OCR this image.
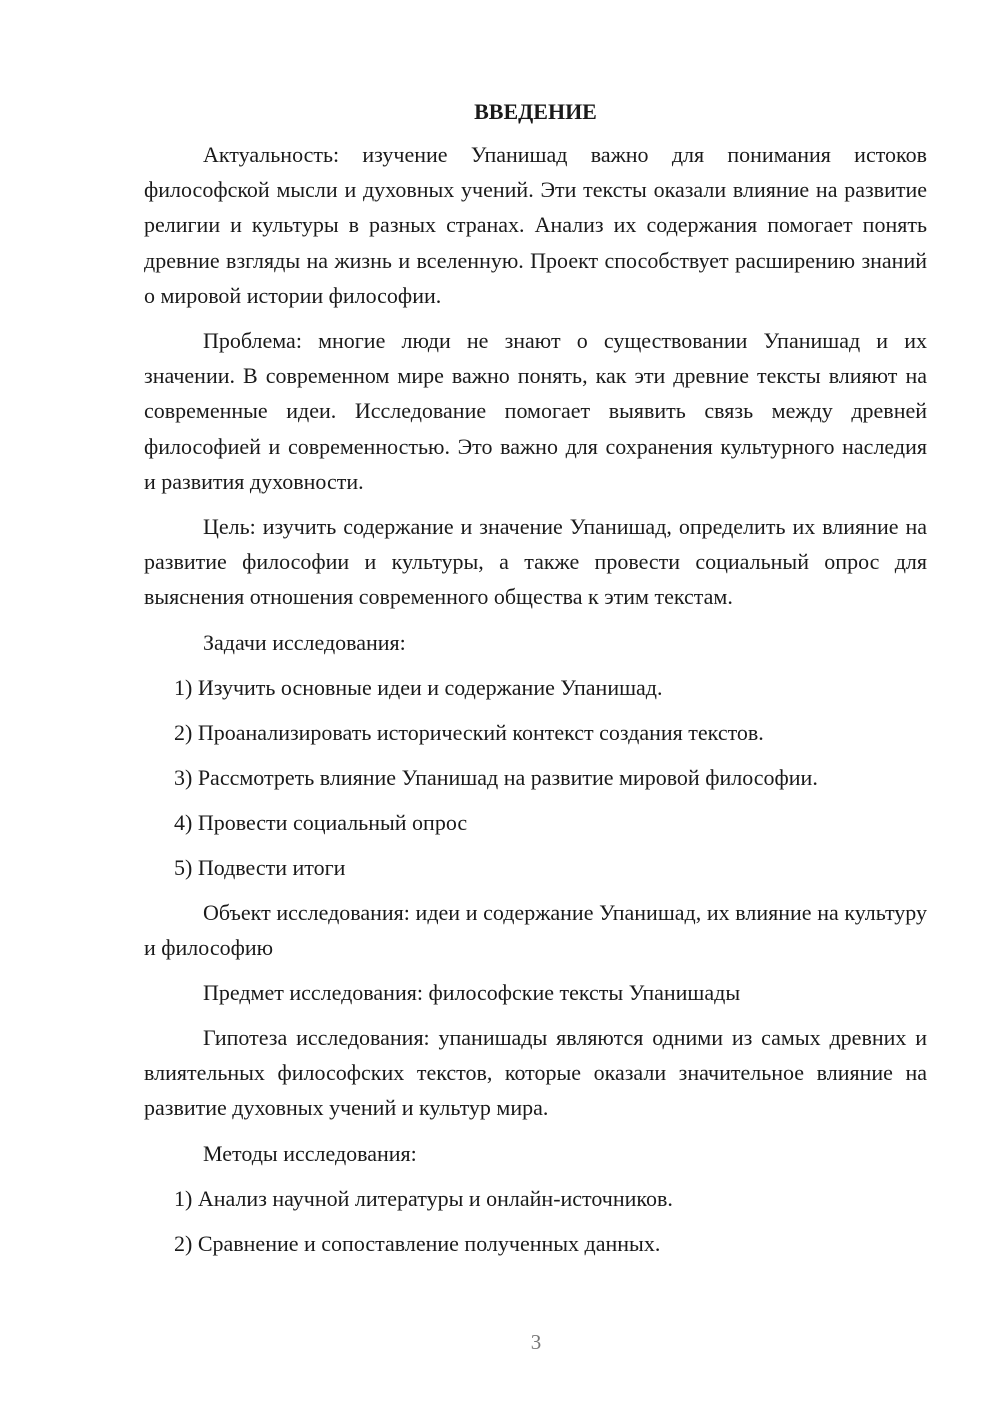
ВВЕДЕНИЕ

Актуальность: изучение Упанишад важно для понимания истоков философской мысли и духовных учений. Эти тексты оказали влияние на развитие религии и культуры в разных странах. Анализ их содержания помогает понять древние взгляды на жизнь и вселенную. Проект способствует расширению знаний о мировой истории философии.

Проблема: многие люди не знают о существовании Упанишад и их значении. В современном мире важно понять, как эти древние тексты влияют на современные идеи. Исследование помогает выявить связь между древней философией и современностью. Это важно для сохранения культурного наследия и развития духовности.

Цель: изучить содержание и значение Упанишад, определить их влияние на развитие философии и культуры, а также провести социальный опрос для выяснения отношения современного общества к этим текстам.

Задачи исследования:

1) Изучить основные идеи и содержание Упанишад.
2) Проанализировать исторический контекст создания текстов.
3) Рассмотреть влияние Упанишад на развитие мировой философии.
4) Провести социальный опрос
5) Подвести итоги

Объект исследования: идеи и содержание Упанишад, их влияние на культуру и философию

Предмет исследования: философские тексты Упанишады

Гипотеза исследования: упанишады являются одними из самых древних и влиятельных философских текстов, которые оказали значительное влияние на развитие духовных учений и культур мира.

Методы исследования:

1) Анализ научной литературы и онлайн-источников.
2) Сравнение и сопоставление полученных данных.
3
